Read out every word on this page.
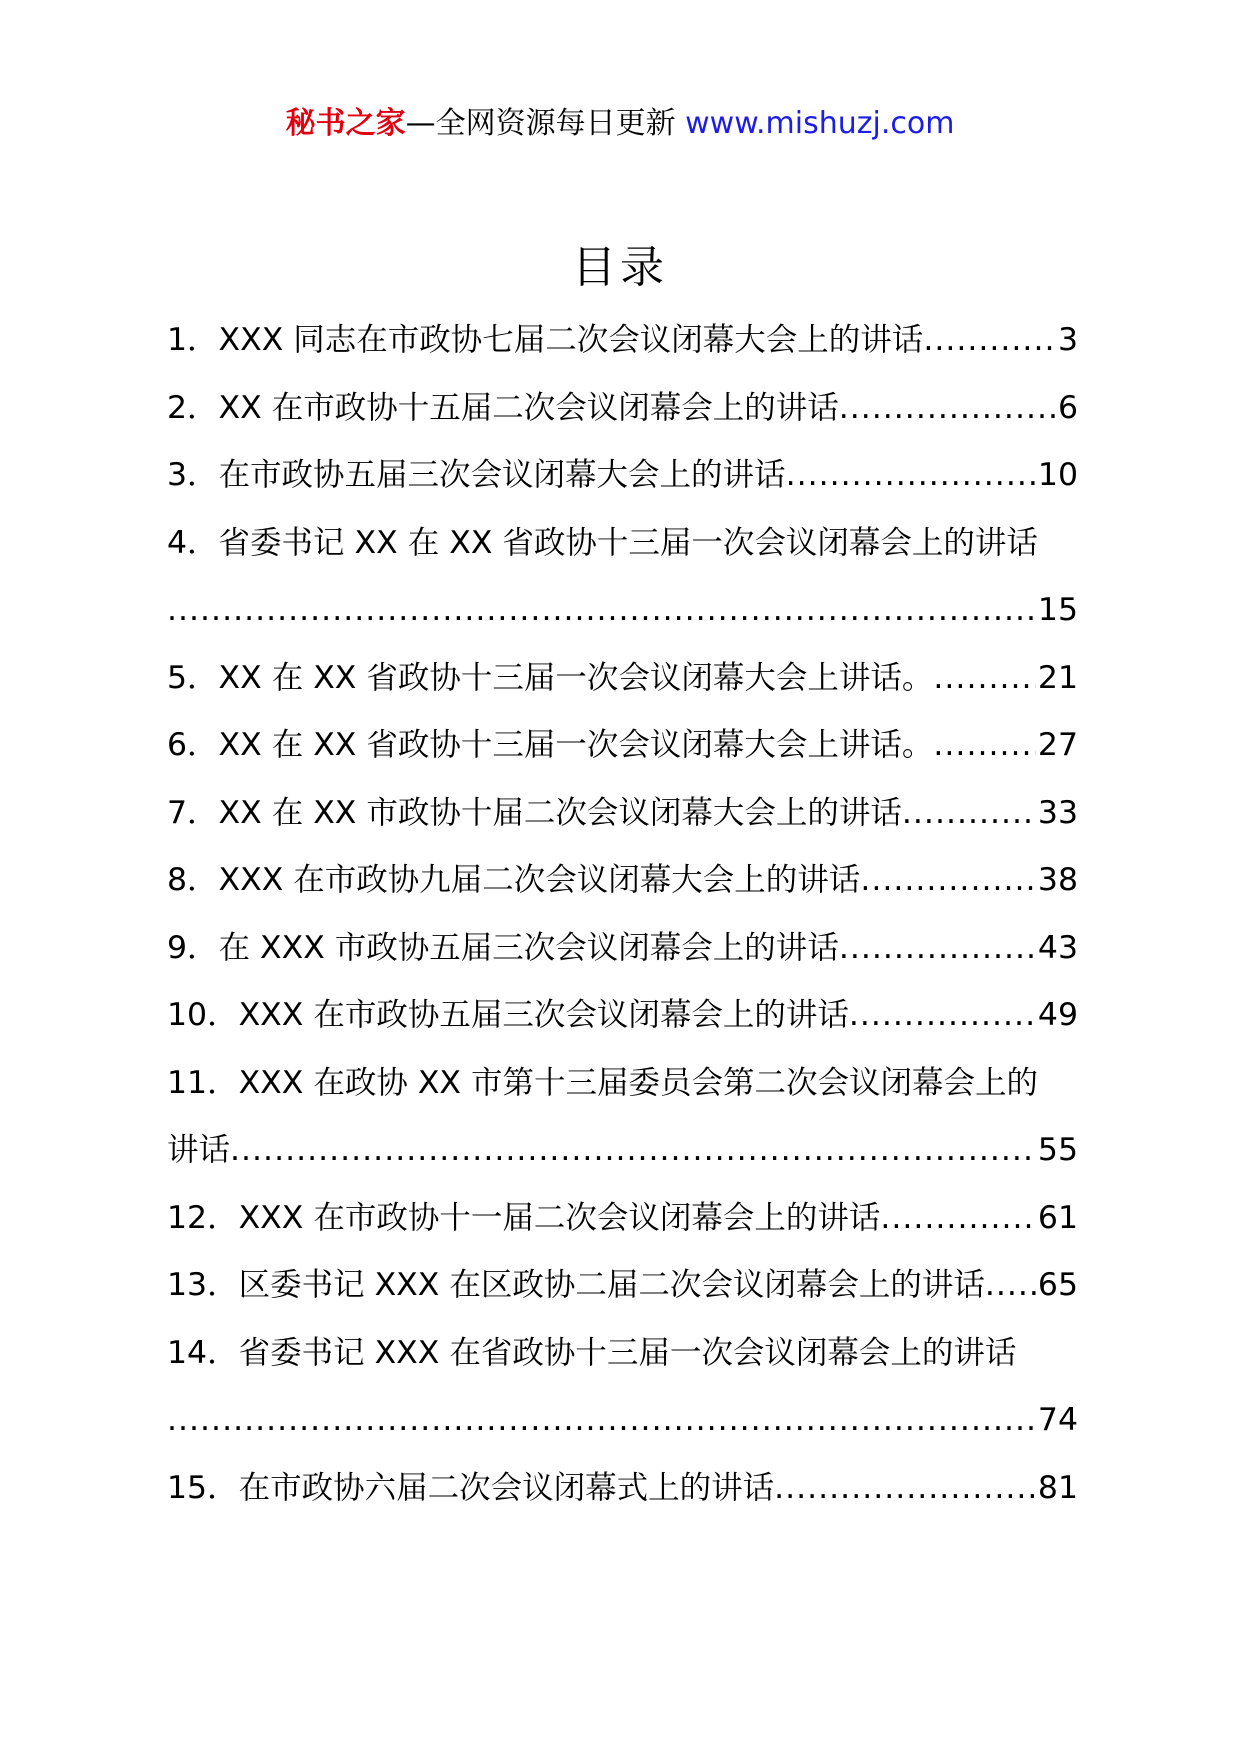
秘书之家—全网资源每日更新 www.mishuzj.com
目录
1． XXX 同志在市政协七届二次会议闭幕大会上的讲话 .....	3
2． XX 在市政协十五届二次会议闭幕会上的讲话 .....	6
3． 在市政协五届三次会议闭幕大会上的讲话 .....	10
4．省委书记 XX 在 XX 省政协十三届一次会议闭幕会上的讲话
.....
15
5． XX 在 XX 省政协十三届一次会议闭幕大会上讲话。 .....	21
6． XX 在 XX 省政协十三届一次会议闭幕大会上讲话。 .....	27
7． XX 在 XX 市政协十届二次会议闭幕大会上的讲话 .....	33
8． XXX 在市政协九届二次会议闭幕大会上的讲话 .....	38
9． 在 XXX 市政协五届三次会议闭幕会上的讲话 .....	43
10． XXX 在市政协五届三次会议闭幕会上的讲话 .....	49
11．XXX 在政协 XX 市第十三届委员会第二次会议闭幕会上的
讲话 .....	55
12． XXX 在市政协十一届二次会议闭幕会上的讲话 .....	61
13． 区委书记 XXX 在区政协二届二次会议闭幕会上的讲话 ..... 65
14．省委书记 XXX 在省政协十三届一次会议闭幕会上的讲话
.....
74
15． 在市政协六届二次会议闭幕式上的讲话 .....	81
